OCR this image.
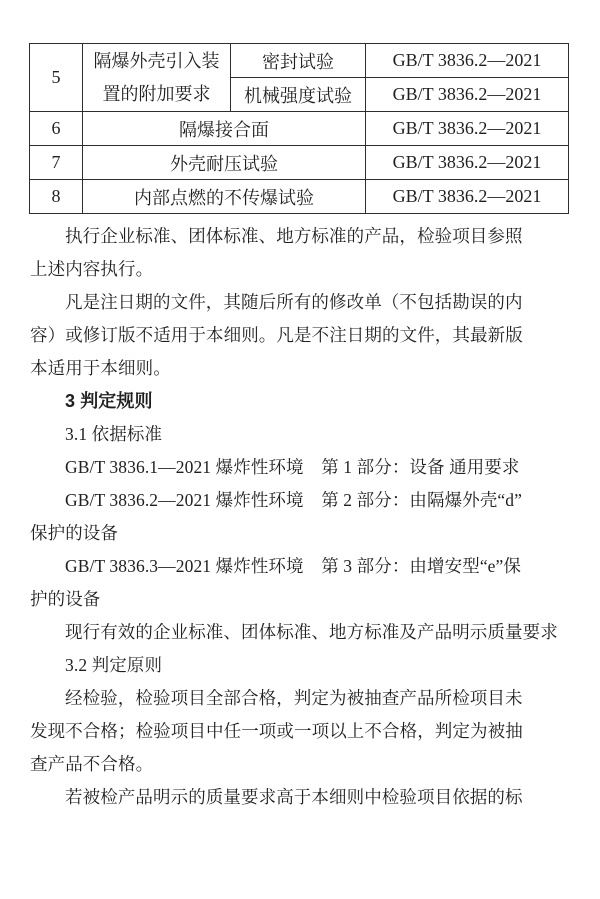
5	隔爆外壳引入装
置的附加要求	密封试验	GB/T 3836.2—2021
		机械强度试验	GB/T 3836.2—2021
6	隔爆接合面		GB/T 3836.2—2021
7	外壳耐压试验		GB/T 3836.2—2021
8	内部点燃的不传爆试验		GB/T 3836.2—2021
执行企业标准、团体标准、地方标准的产品，检验项目参照
上述内容执行。
凡是注日期的文件，其随后所有的修改单（不包括勘误的内
容）或修订版不适用于本细则。凡是不注日期的文件，其最新版
本适用于本细则。
3 判定规则
3.1 依据标准
GB/T 3836.1—2021 爆炸性环境　第 1 部分：设备 通用要求
GB/T 3836.2—2021 爆炸性环境　第 2 部分：由隔爆外壳“d”
保护的设备
GB/T 3836.3—2021 爆炸性环境　第 3 部分：由增安型“e”保
护的设备
现行有效的企业标准、团体标准、地方标准及产品明示质量要求
3.2 判定原则
经检验，检验项目全部合格，判定为被抽查产品所检项目未
发现不合格；检验项目中任一项或一项以上不合格，判定为被抽
查产品不合格。
若被检产品明示的质量要求高于本细则中检验项目依据的标
